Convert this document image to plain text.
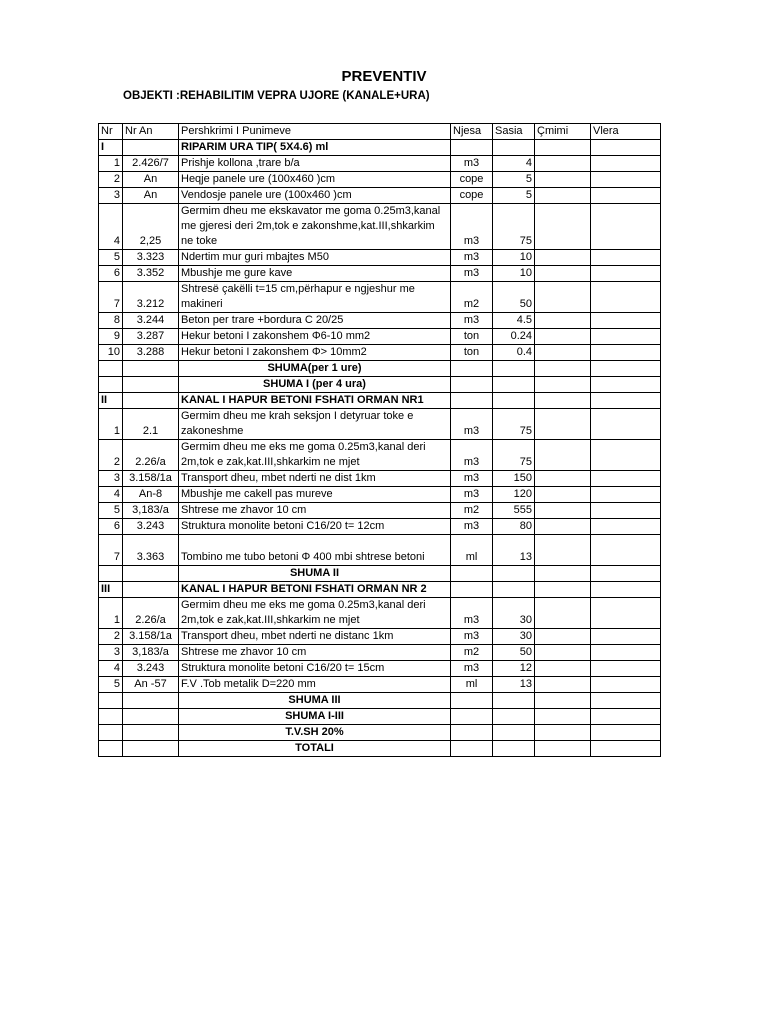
PREVENTIV
OBJEKTI :REHABILITIM VEPRA UJORE (KANALE+URA)
Nr	Nr An	Pershkrimi I Punimeve	Njesa	Sasia	Çmimi	Vlera
I		RIPARIM URA TIP( 5X4.6) ml				
1	2.426/7	Prishje kollona ,trare b/a	m3	4		
2	An	Heqje panele ure (100x460 )cm	cope	5		
3	An	Vendosje panele ure (100x460 )cm	cope	5		
4	2,25	Germim dheu me ekskavator me goma 0.25m3,kanal me gjeresi deri 2m,tok e zakonshme,kat.III,shkarkim ne toke	m3	75		
5	3.323	Ndertim mur guri mbajtes M50	m3	10		
6	3.352	Mbushje me gure kave	m3	10		
7	3.212	Shtresë çakëlli t=15 cm,përhapur e ngjeshur me makineri	m2	50		
8	3.244	Beton per trare +bordura C 20/25	m3	4.5		
9	3.287	Hekur betoni I zakonshem Φ6-10 mm2	ton	0.24		
10	3.288	Hekur betoni I zakonshem Φ> 10mm2	ton	0.4		
		SHUMA(per 1 ure)				
		SHUMA I (per 4 ura)				
II		KANAL I HAPUR BETONI FSHATI ORMAN NR1				
1	2.1	Germim dheu me krah seksjon I detyruar toke e zakoneshme	m3	75		
2	2.26/a	Germim dheu me eks me goma 0.25m3,kanal deri 2m,tok e zak,kat.III,shkarkim ne mjet	m3	75		
3	3.158/1a	Transport dheu, mbet nderti ne dist 1km	m3	150		
4	An-8	Mbushje me cakell pas mureve	m3	120		
5	3,183/a	Shtrese me zhavor 10 cm	m2	555		
6	3.243	Struktura monolite betoni C16/20 t= 12cm	m3	80		
7	3.363	Tombino me tubo betoni Φ 400 mbi shtrese betoni	ml	13		
		SHUMA II				
III		KANAL I HAPUR BETONI FSHATI ORMAN NR 2				
1	2.26/a	Germim dheu me eks me goma 0.25m3,kanal deri 2m,tok e zak,kat.III,shkarkim ne mjet	m3	30		
2	3.158/1a	Transport dheu, mbet nderti ne distanc 1km	m3	30		
3	3,183/a	Shtrese me zhavor 10 cm	m2	50		
4	3.243	Struktura monolite betoni C16/20 t= 15cm	m3	12		
5	An -57	F.V .Tob metalik D=220 mm	ml	13		
		SHUMA III				
		SHUMA I-III				
		T.V.SH 20%				
		TOTALI				
